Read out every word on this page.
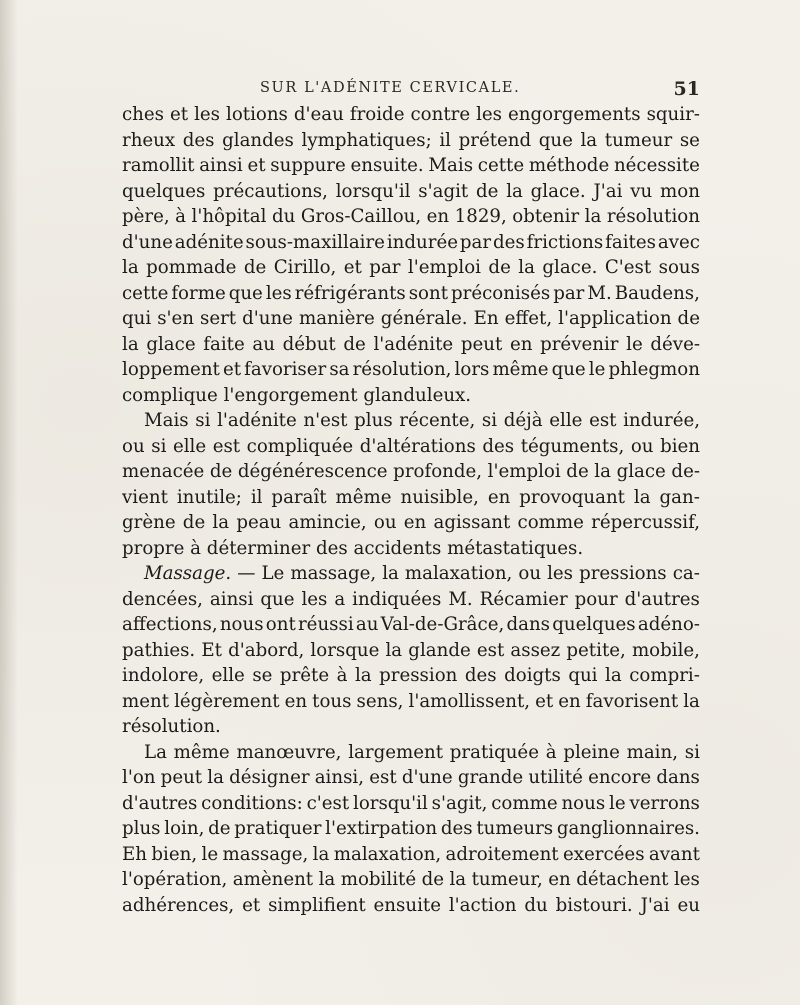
SUR L'ADÉNITE CERVICALE.	51
ches et les lotions d'eau froide contre les engorgements squir-
rheux des glandes lymphatiques; il prétend que la tumeur se
ramollit ainsi et suppure ensuite. Mais cette méthode nécessite
quelques précautions, lorsqu'il s'agit de la glace. J'ai vu mon
père, à l'hôpital du Gros-Caillou, en 1829, obtenir la résolution
d'une adénite sous-maxillaire indurée par des frictions faites avec
la pommade de Cirillo, et par l'emploi de la glace. C'est sous
cette forme que les réfrigérants sont préconisés par M. Baudens,
qui s'en sert d'une manière générale. En effet, l'application de
la glace faite au début de l'adénite peut en prévenir le déve-
loppement et favoriser sa résolution, lors même que le phlegmon
complique l'engorgement glanduleux.
Mais si l'adénite n'est plus récente, si déjà elle est indurée,
ou si elle est compliquée d'altérations des téguments, ou bien
menacée de dégénérescence profonde, l'emploi de la glace de-
vient inutile; il paraît même nuisible, en provoquant la gan-
grène de la peau amincie, ou en agissant comme répercussif,
propre à déterminer des accidents métastatiques.
Massage. — Le massage, la malaxation, ou les pressions ca-
dencées, ainsi que les a indiquées M. Récamier pour d'autres
affections, nous ont réussi au Val-de-Grâce, dans quelques adéno-
pathies. Et d'abord, lorsque la glande est assez petite, mobile,
indolore, elle se prête à la pression des doigts qui la compri-
ment légèrement en tous sens, l'amollissent, et en favorisent la
résolution.
La même manœuvre, largement pratiquée à pleine main, si
l'on peut la désigner ainsi, est d'une grande utilité encore dans
d'autres conditions: c'est lorsqu'il s'agit, comme nous le verrons
plus loin, de pratiquer l'extirpation des tumeurs ganglionnaires.
Eh bien, le massage, la malaxation, adroitement exercées avant
l'opération, amènent la mobilité de la tumeur, en détachent les
adhérences, et simplifient ensuite l'action du bistouri. J'ai eu
